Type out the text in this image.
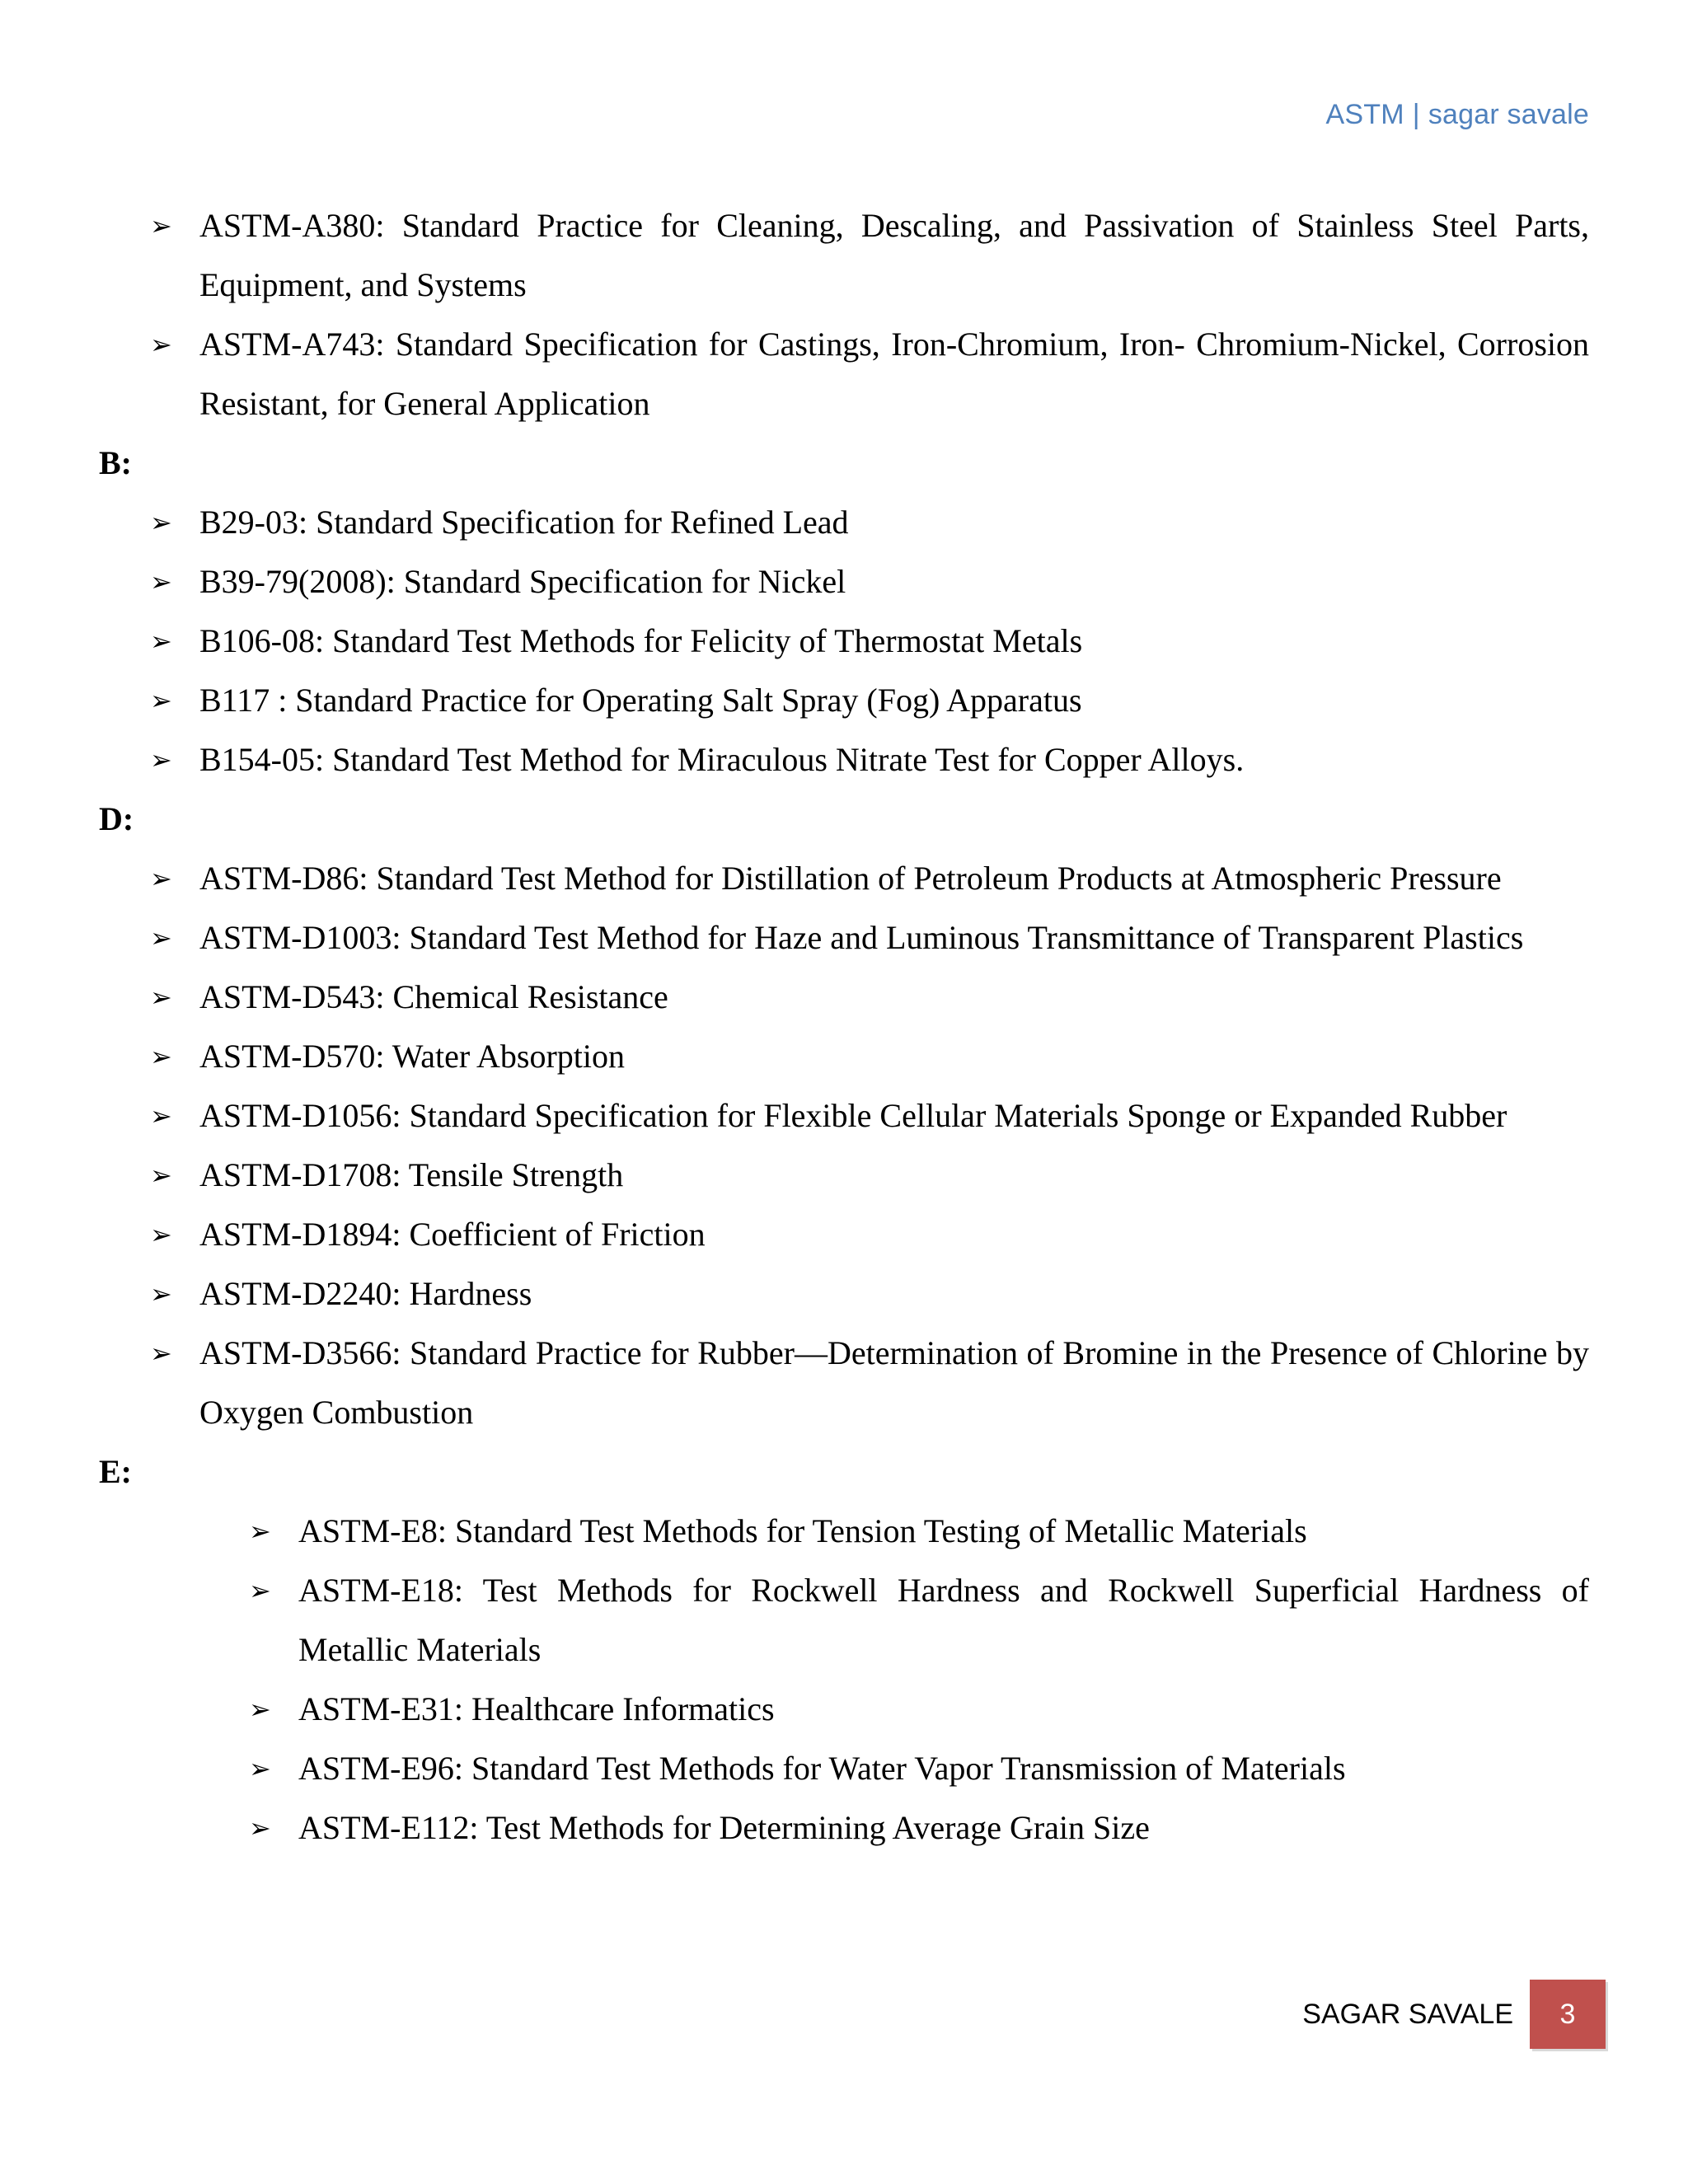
ASTM | sagar savale
➢ ASTM-A380: Standard Practice for Cleaning, Descaling, and Passivation of Stainless Steel Parts, Equipment, and Systems
➢ ASTM-A743: Standard Specification for Castings, Iron-Chromium, Iron- Chromium-Nickel, Corrosion Resistant, for General Application
B:
➢ B29-03: Standard Specification for Refined Lead
➢ B39-79(2008): Standard Specification for Nickel
➢ B106-08: Standard Test Methods for Felicity of Thermostat Metals
➢ B117 : Standard Practice for Operating Salt Spray (Fog) Apparatus
➢ B154-05: Standard Test Method for Miraculous Nitrate Test for Copper Alloys.
D:
➢ ASTM-D86: Standard Test Method for Distillation of Petroleum Products at Atmospheric Pressure
➢ ASTM-D1003: Standard Test Method for Haze and Luminous Transmittance of Transparent Plastics
➢ ASTM-D543: Chemical Resistance
➢ ASTM-D570: Water Absorption
➢ ASTM-D1056: Standard Specification for Flexible Cellular Materials Sponge or Expanded Rubber
➢ ASTM-D1708: Tensile Strength
➢ ASTM-D1894: Coefficient of Friction
➢ ASTM-D2240: Hardness
➢ ASTM-D3566: Standard Practice for Rubber—Determination of Bromine in the Presence of Chlorine by Oxygen Combustion
E:
➢ ASTM-E8: Standard Test Methods for Tension Testing of Metallic Materials
➢ ASTM-E18: Test Methods for Rockwell Hardness and Rockwell Superficial Hardness of Metallic Materials
➢ ASTM-E31: Healthcare Informatics
➢ ASTM-E96: Standard Test Methods for Water Vapor Transmission of Materials
➢ ASTM-E112: Test Methods for Determining Average Grain Size
SAGAR SAVALE	3
